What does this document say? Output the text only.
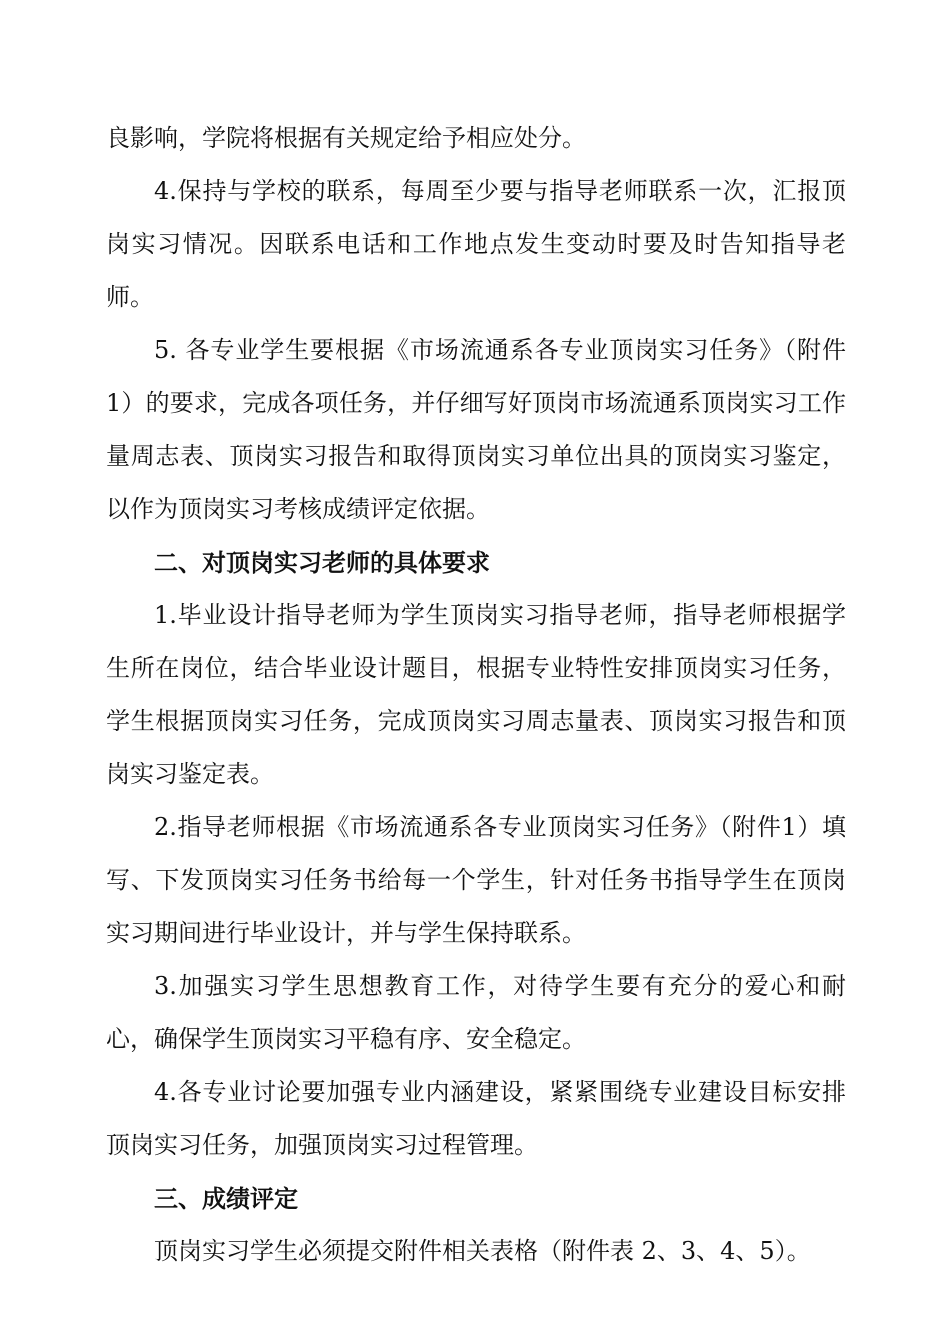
良影响，学院将根据有关规定给予相应处分。

4.保持与学校的联系，每周至少要与指导老师联系一次，汇报顶岗实习情况。因联系电话和工作地点发生变动时要及时告知指导老师。

5. 各专业学生要根据《市场流通系各专业顶岗实习任务》（附件 1）的要求，完成各项任务，并仔细写好顶岗市场流通系顶岗实习工作量周志表、顶岗实习报告和取得顶岗实习单位出具的顶岗实习鉴定，以作为顶岗实习考核成绩评定依据。

二、对顶岗实习老师的具体要求

1.毕业设计指导老师为学生顶岗实习指导老师，指导老师根据学生所在岗位，结合毕业设计题目，根据专业特性安排顶岗实习任务，学生根据顶岗实习任务，完成顶岗实习周志量表、顶岗实习报告和顶岗实习鉴定表。

2.指导老师根据《市场流通系各专业顶岗实习任务》（附件1）填写、下发顶岗实习任务书给每一个学生，针对任务书指导学生在顶岗实习期间进行毕业设计，并与学生保持联系。

3.加强实习学生思想教育工作，对待学生要有充分的爱心和耐心，确保学生顶岗实习平稳有序、安全稳定。

4.各专业讨论要加强专业内涵建设，紧紧围绕专业建设目标安排顶岗实习任务，加强顶岗实习过程管理。

三、成绩评定

顶岗实习学生必须提交附件相关表格（附件表 2、3、4、5）。
